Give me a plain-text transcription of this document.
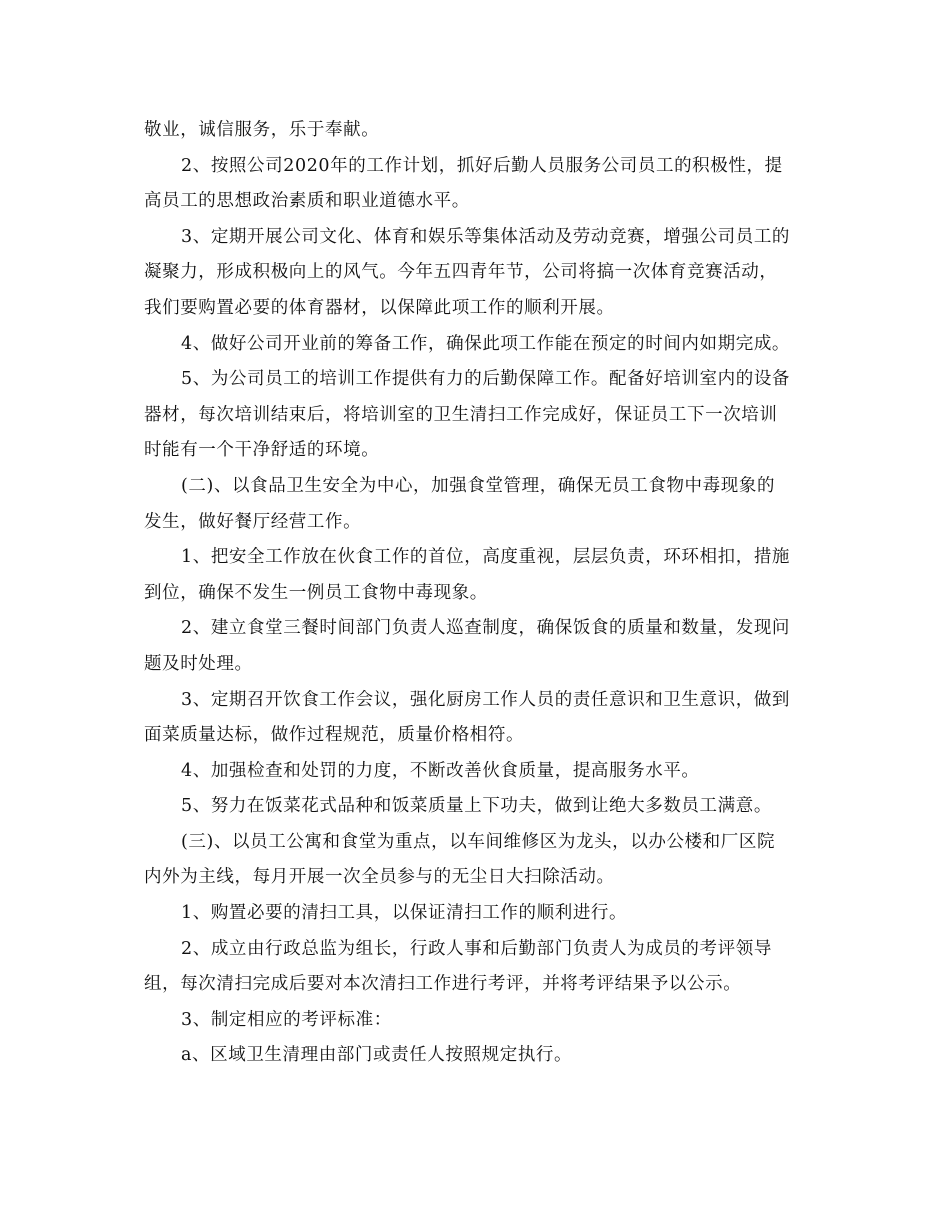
敬业，诚信服务，乐于奉献。
2、按照公司2020年的工作计划，抓好后勤人员服务公司员工的积极性，提
高员工的思想政治素质和职业道德水平。
3、定期开展公司文化、体育和娱乐等集体活动及劳动竞赛，增强公司员工的
凝聚力，形成积极向上的风气。今年五四青年节，公司将搞一次体育竞赛活动，
我们要购置必要的体育器材，以保障此项工作的顺利开展。
4、做好公司开业前的筹备工作，确保此项工作能在预定的时间内如期完成。
5、为公司员工的培训工作提供有力的后勤保障工作。配备好培训室内的设备
器材，每次培训结束后，将培训室的卫生清扫工作完成好，保证员工下一次培训
时能有一个干净舒适的环境。
(二)、以食品卫生安全为中心，加强食堂管理，确保无员工食物中毒现象的
发生，做好餐厅经营工作。
1、把安全工作放在伙食工作的首位，高度重视，层层负责，环环相扣，措施
到位，确保不发生一例员工食物中毒现象。
2、建立食堂三餐时间部门负责人巡查制度，确保饭食的质量和数量，发现问
题及时处理。
3、定期召开饮食工作会议，强化厨房工作人员的责任意识和卫生意识，做到
面菜质量达标，做作过程规范，质量价格相符。
4、加强检查和处罚的力度，不断改善伙食质量，提高服务水平。
5、努力在饭菜花式品种和饭菜质量上下功夫，做到让绝大多数员工满意。
(三)、以员工公寓和食堂为重点，以车间维修区为龙头，以办公楼和厂区院
内外为主线，每月开展一次全员参与的无尘日大扫除活动。
1、购置必要的清扫工具，以保证清扫工作的顺利进行。
2、成立由行政总监为组长，行政人事和后勤部门负责人为成员的考评领导
组，每次清扫完成后要对本次清扫工作进行考评，并将考评结果予以公示。
3、制定相应的考评标准：
a、区域卫生清理由部门或责任人按照规定执行。
